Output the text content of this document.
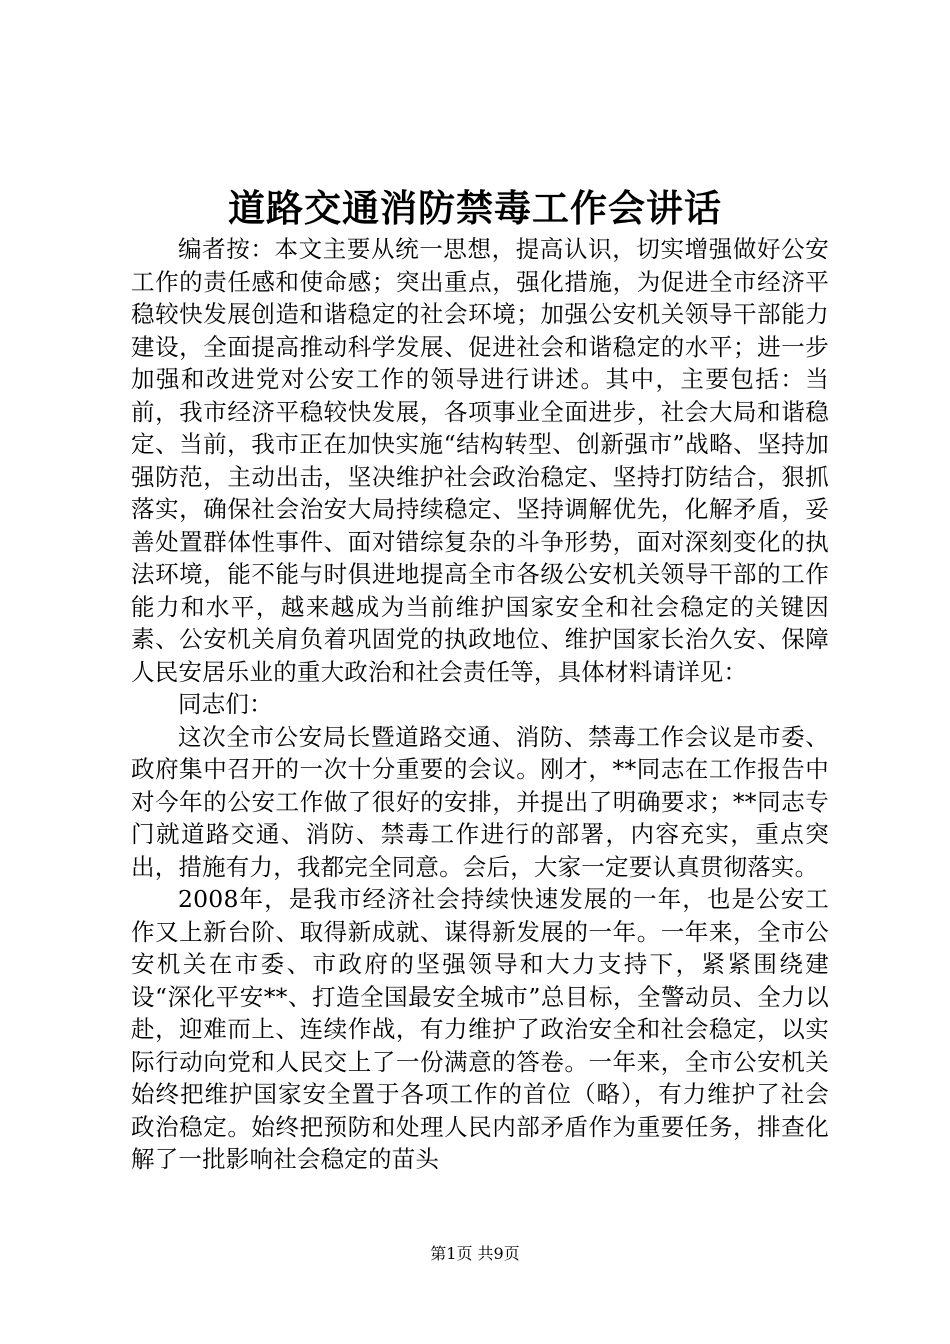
道路交通消防禁毒工作会讲话

编者按：本文主要从统一思想，提高认识，切实增强做好公安工作的责任感和使命感；突出重点，强化措施，为促进全市经济平稳较快发展创造和谐稳定的社会环境；加强公安机关领导干部能力建设，全面提高推动科学发展、促进社会和谐稳定的水平；进一步加强和改进党对公安工作的领导进行讲述。其中，主要包括：当前，我市经济平稳较快发展，各项事业全面进步，社会大局和谐稳定、当前，我市正在加快实施“结构转型、创新强市”战略、坚持加强防范，主动出击，坚决维护社会政治稳定、坚持打防结合，狠抓落实，确保社会治安大局持续稳定、坚持调解优先，化解矛盾，妥善处置群体性事件、面对错综复杂的斗争形势，面对深刻变化的执法环境，能不能与时俱进地提高全市各级公安机关领导干部的工作能力和水平，越来越成为当前维护国家安全和社会稳定的关键因素、公安机关肩负着巩固党的执政地位、维护国家长治久安、保障人民安居乐业的重大政治和社会责任等，具体材料请详见：

同志们：

这次全市公安局长暨道路交通、消防、禁毒工作会议是市委、政府集中召开的一次十分重要的会议。刚才，**同志在工作报告中对今年的公安工作做了很好的安排，并提出了明确要求；**同志专门就道路交通、消防、禁毒工作进行的部署，内容充实，重点突出，措施有力，我都完全同意。会后，大家一定要认真贯彻落实。

2008年，是我市经济社会持续快速发展的一年，也是公安工作又上新台阶、取得新成就、谋得新发展的一年。一年来，全市公安机关在市委、市政府的坚强领导和大力支持下，紧紧围绕建设“深化平安**、打造全国最安全城市”总目标，全警动员、全力以赴，迎难而上、连续作战，有力维护了政治安全和社会稳定，以实际行动向党和人民交上了一份满意的答卷。一年来，全市公安机关始终把维护国家安全置于各项工作的首位（略），有力维护了社会政治稳定。始终把预防和处理人民内部矛盾作为重要任务，排查化解了一批影响社会稳定的苗头

第1页 共9页
